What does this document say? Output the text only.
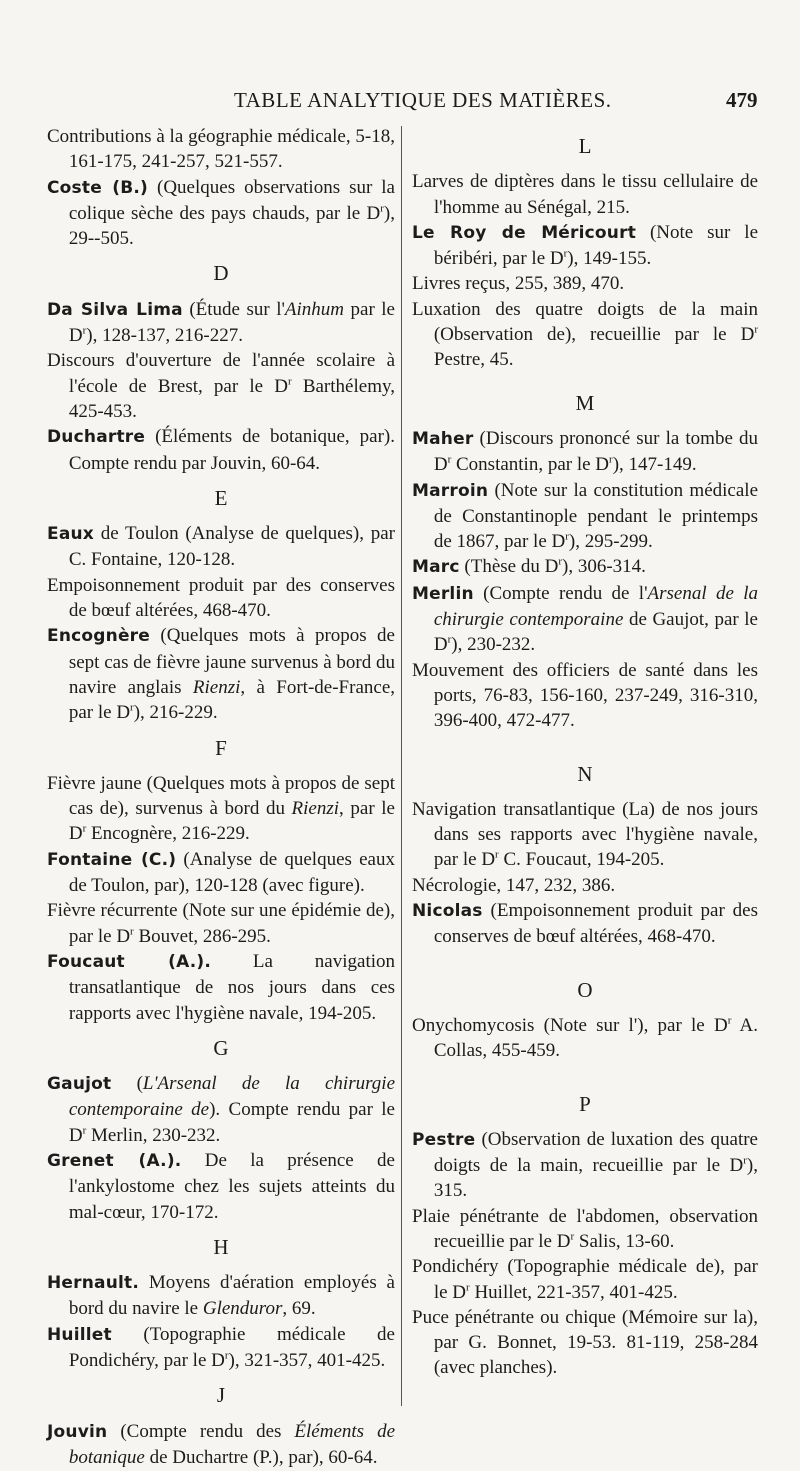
TABLE ANALYTIQUE DES MATIÈRES.	479

Contributions à la géographie médicale, 5-18, 161-175, 241-257, 521-557.

Coste (B.) (Quelques observations sur la colique sèche des pays chauds, par le $D^r$), 29--505.

D

Da Silva Lima (Étude sur l'Ainhum par le $D^r$), 128-137, 216-227.

Discours d'ouverture de l'année scolaire à l'école de Brest, par le $D^r$ Barthélemy, 425-453.

Duchartre (Éléments de botanique, par). Compte rendu par Jouvin, 60-64.

E

Eaux de Toulon (Analyse de quelques), par C. Fontaine, 120-128.

Empoisonnement produit par des conserves de bœuf altérées, 468-470.

Encognère (Quelques mots à propos de sept cas de fièvre jaune survenus à bord du navire anglais Rienzi, à Fort-de-France, par le $D^r$), 216-229.

F

Fièvre jaune (Quelques mots à propos de sept cas de), survenus à bord du Rienzi, par le $D^r$ Encognère, 216-229.

Fontaine (C.) (Analyse de quelques eaux de Toulon, par), 120-128 (avec figure).

Fièvre récurrente (Note sur une épidémie de), par le $D^r$ Bouvet, 286-295.

Foucaut (A.). La navigation transatlantique de nos jours dans ces rapports avec l'hygiène navale, 194-205.

G

Gaujot (L'Arsenal de la chirurgie contemporaine de). Compte rendu par le $D^r$ Merlin, 230-232.

Grenet (A.). De la présence de l'ankylostome chez les sujets atteints du mal-cœur, 170-172.

H

Hernault. Moyens d'aération employés à bord du navire le Glenduror, 69.

Huillet (Topographie médicale de Pondichéry, par le $D^r$), 321-357, 401-425.

J

Jouvin (Compte rendu des Éléments de botanique de Duchartre (P.), par), 60-64.

L

Larves de diptères dans le tissu cellulaire de l'homme au Sénégal, 215.

Le Roy de Méricourt (Note sur le béribéri, par le $D^r$), 149-155.

Livres reçus, 255, 389, 470.

Luxation des quatre doigts de la main (Observation de), recueillie par le $D^r$ Pestre, 45.

M

Maher (Discours prononcé sur la tombe du $D^r$ Constantin, par le $D^r$), 147-149.

Marroin (Note sur la constitution médicale de Constantinople pendant le printemps de 1867, par le $D^r$), 295-299.

Marc (Thèse du $D^r$), 306-314.

Merlin (Compte rendu de l'Arsenal de la chirurgie contemporaine de Gaujot, par le $D^r$), 230-232.

Mouvement des officiers de santé dans les ports, 76-83, 156-160, 237-249, 316-310, 396-400, 472-477.

N

Navigation transatlantique (La) de nos jours dans ses rapports avec l'hygiène navale, par le $D^r$ C. Foucaut, 194-205.

Nécrologie, 147, 232, 386.

Nicolas (Empoisonnement produit par des conserves de bœuf altérées, 468-470.

O

Onychomycosis (Note sur l'), par le $D^r$ A. Collas, 455-459.

P

Pestre (Observation de luxation des quatre doigts de la main, recueillie par le $D^r$), 315.

Plaie pénétrante de l'abdomen, observation recueillie par le $D^r$ Salis, 13-60.

Pondichéry (Topographie médicale de), par le $D^r$ Huillet, 221-357, 401-425.

Puce pénétrante ou chique (Mémoire sur la), par G. Bonnet, 19-53. 81-119, 258-284 (avec planches).
